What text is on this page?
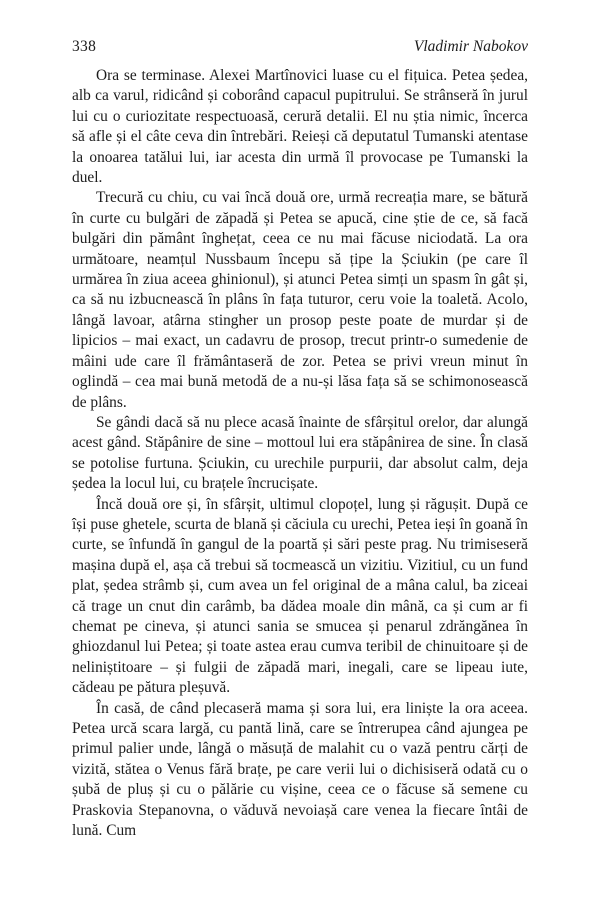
338	Vladimir Nabokov

Ora se terminase. Alexei Martînovici luase cu el fițuica. Petea ședea, alb ca varul, ridicând și coborând capacul pupitrului. Se strânseră în jurul lui cu o curiozitate respectuoasă, cerură detalii. El nu știa nimic, încerca să afle și el câte ceva din întrebări. Reieși că deputatul Tumanski atentase la onoarea tatălui lui, iar acesta din urmă îl provocase pe Tumanski la duel.

Trecură cu chiu, cu vai încă două ore, urmă recreația mare, se bătură în curte cu bulgări de zăpadă și Petea se apucă, cine știe de ce, să facă bulgări din pământ înghețat, ceea ce nu mai făcuse niciodată. La ora următoare, neamțul Nussbaum începu să țipe la Șciukin (pe care îl urmărea în ziua aceea ghinionul), și atunci Petea simți un spasm în gât și, ca să nu izbucnească în plâns în fața tuturor, ceru voie la toaletă. Acolo, lângă lavoar, atârna stingher un prosop peste poate de murdar și de lipicios – mai exact, un cadavru de prosop, trecut printr-o sumedenie de mâini ude care îl frământaseră de zor. Petea se privi vreun minut în oglindă – cea mai bună metodă de a nu-și lăsa fața să se schimonosească de plâns.

Se gândi dacă să nu plece acasă înainte de sfârșitul orelor, dar alungă acest gând. Stăpânire de sine – mottoul lui era stăpânirea de sine. În clasă se potolise furtuna. Șciukin, cu urechile purpurii, dar absolut calm, deja ședea la locul lui, cu brațele încrucișate.

Încă două ore și, în sfârșit, ultimul clopoțel, lung și răgușit. După ce își puse ghetele, scurta de blană și căciula cu urechi, Petea ieși în goană în curte, se înfundă în gangul de la poartă și sări peste prag. Nu trimiseseră mașina după el, așa că trebui să tocmească un vizitiu. Vizitiul, cu un fund plat, ședea strâmb și, cum avea un fel original de a mâna calul, ba ziceai că trage un cnut din carâmb, ba dădea moale din mână, ca și cum ar fi chemat pe cineva, și atunci sania se smucea și penarul zdrăngănea în ghiozdanul lui Petea; și toate astea erau cumva teribil de chinuitoare și de neliniștitoare – și fulgii de zăpadă mari, inegali, care se lipeau iute, cădeau pe pătura pleșuvă.

În casă, de când plecaseră mama și sora lui, era liniște la ora aceea. Petea urcă scara largă, cu pantă lină, care se întrerupea când ajungea pe primul palier unde, lângă o măsuță de malahit cu o vază pentru cărți de vizită, stătea o Venus fără brațe, pe care verii lui o dichisiseră odată cu o șubă de pluș și cu o pălărie cu vișine, ceea ce o făcuse să semene cu Praskovia Stepanovna, o văduvă nevoiașă care venea la fiecare întâi de lună. Cum
